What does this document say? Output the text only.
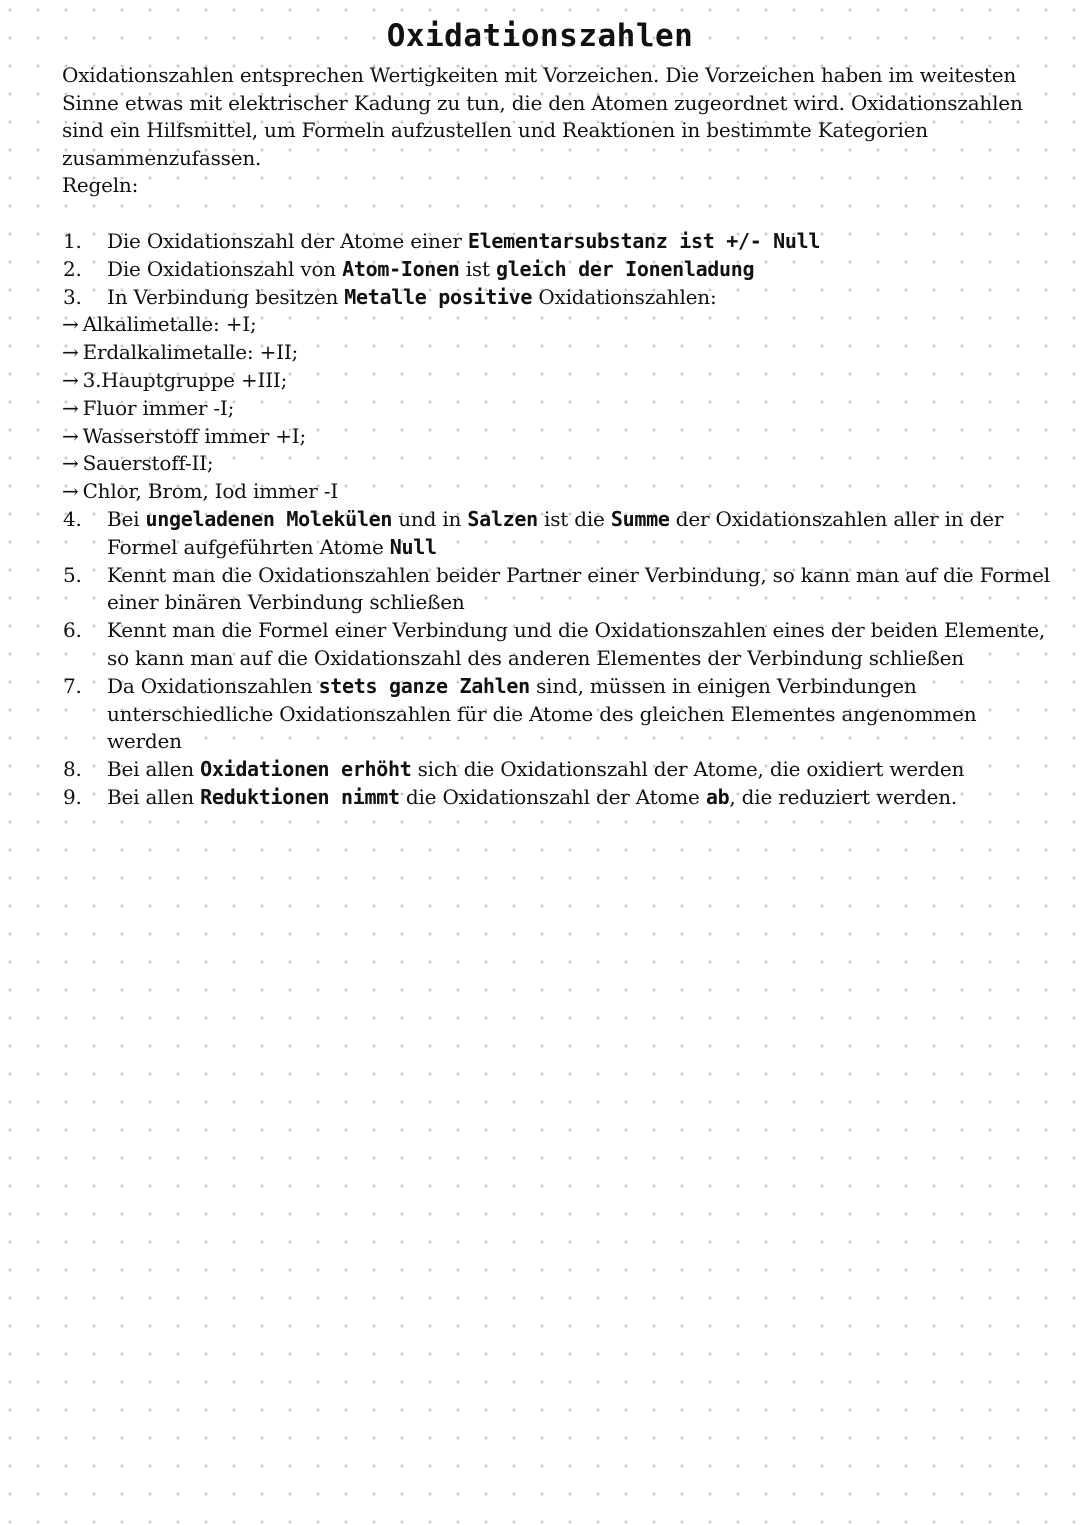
Oxidationszahlen

Oxidationszahlen entsprechen Wertigkeiten mit Vorzeichen. Die Vorzeichen haben im weitesten Sinne etwas mit elektrischer Kadung zu tun, die den Atomen zugeordnet wird. Oxidationszahlen sind ein Hilfsmittel, um Formeln aufzustellen und Reaktionen in bestimmte Kategorien zusammenzufassen.

Regeln:

1. Die Oxidationszahl der Atome einer Elementarsubstanz ist +/- Null
2. Die Oxidationszahl von Atom-Ionen ist gleich der Ionenladung
3. In Verbindung besitzen Metalle positive Oxidationszahlen:
→ Alkalimetalle: +I;
→ Erdalkalimetalle: +II;
→ 3.Hauptgruppe +III;
→ Fluor immer -I;
→ Wasserstoff immer +I;
→ Sauerstoff-II;
→ Chlor, Brom, Iod immer -I
4. Bei ungeladenen Molekülen und in Salzen ist die Summe der Oxidationszahlen aller in der Formel aufgeführten Atome Null
5. Kennt man die Oxidationszahlen beider Partner einer Verbindung, so kann man auf die Formel einer binären Verbindung schließen
6. Kennt man die Formel einer Verbindung und die Oxidationszahlen eines der beiden Elemente, so kann man auf die Oxidationszahl des anderen Elementes der Verbindung schließen
7. Da Oxidationszahlen stets ganze Zahlen sind, müssen in einigen Verbindungen unterschiedliche Oxidationszahlen für die Atome des gleichen Elementes angenommen werden
8. Bei allen Oxidationen erhöht sich die Oxidationszahl der Atome, die oxidiert werden
9. Bei allen Reduktionen nimmt die Oxidationszahl der Atome ab, die reduziert werden.
